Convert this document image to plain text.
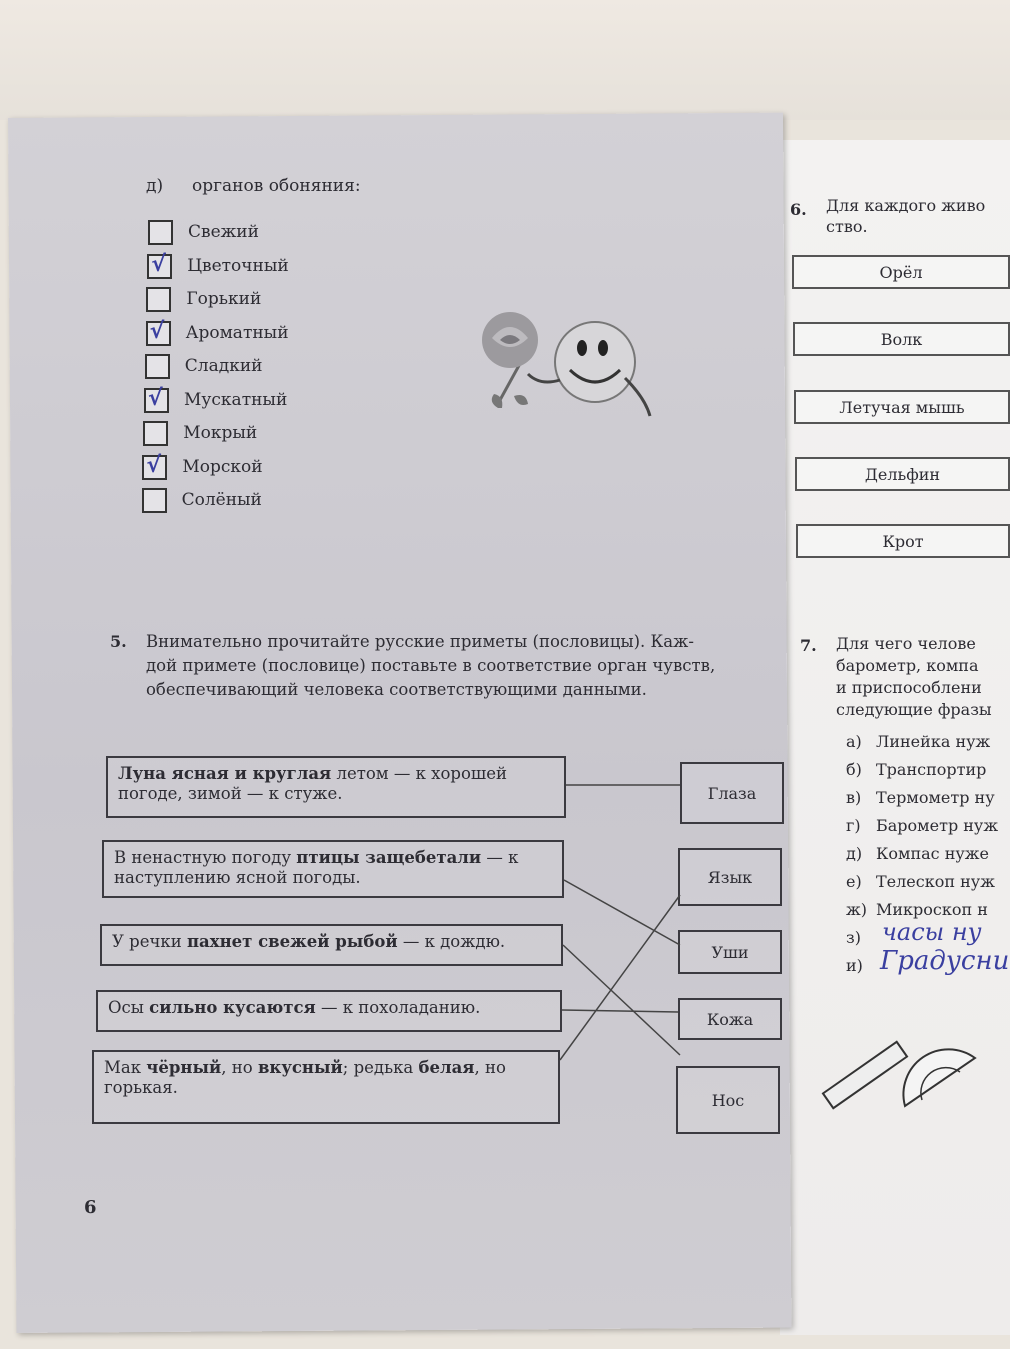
д) органов обоняния:
Свежий
√ Цветочный
Горький
√ Ароматный
Сладкий
√ Мускатный
Мокрый
√ Морской
Солёный
5. Внимательно прочитайте русские приметы (пословицы). Каж-
дой примете (пословице) поставьте в соответствие орган чувств,
обеспечивающий человека соответствующими данными.
Луна ясная и круглая летом — к хорошей погоде, зимой — к стуже.
В ненастную погоду птицы защебетали — к наступлению ясной погоды.
У речки пахнет свежей рыбой — к дождю.
Осы сильно кусаются — к похоладанию.
Мак чёрный, но вкусный; редька белая, но горькая.
Глаза
Язык
Уши
Кожа
Нос
6
6. Для каждого живо
ство.
Орёл
Волк
Летучая мышь
Дельфин
Крот
7. Для чего челове
барометр, компа
и приспособлени
следующие фразы
а) Линейка нуж
б) Транспортир
в) Термометр ну
г) Барометр нуж
д) Компас нуже
е) Телескоп нуж
ж) Микроскоп н
з)
и)
часы ну
Градусни
